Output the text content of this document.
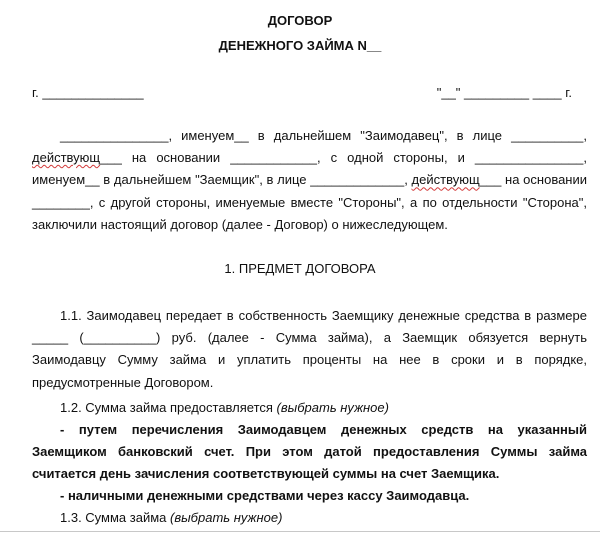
ДОГОВОР
ДЕНЕЖНОГО ЗАЙМА N__
г. ______________	"__" _________ ____ г.
_______________, именуем__ в дальнейшем "Заимодавец", в лице __________,
действующ___ на основании ____________, с одной стороны, и _______________,
именуем__ в дальнейшем "Заемщик", в лице _____________, действующ___ на основании
________, с другой стороны, именуемые вместе "Стороны", а по отдельности "Сторона",
заключили настоящий договор (далее - Договор) о нижеследующем.
1. ПРЕДМЕТ ДОГОВОРА
1.1. Заимодавец передает в собственность Заемщику денежные средства в размере
_____ (__________) руб. (далее - Сумма займа), а Заемщик обязуется вернуть
Заимодавцу Сумму займа и уплатить проценты на нее в сроки и в порядке,
предусмотренные Договором.
1.2. Сумма займа предоставляется (выбрать нужное)
- путем перечисления Заимодавцем денежных средств на указанный
Заемщиком банковский счет. При этом датой предоставления Суммы займа
считается день зачисления соответствующей суммы на счет Заемщика.
- наличными денежными средствами через кассу Заимодавца.
1.3. Сумма займа (выбрать нужное)
